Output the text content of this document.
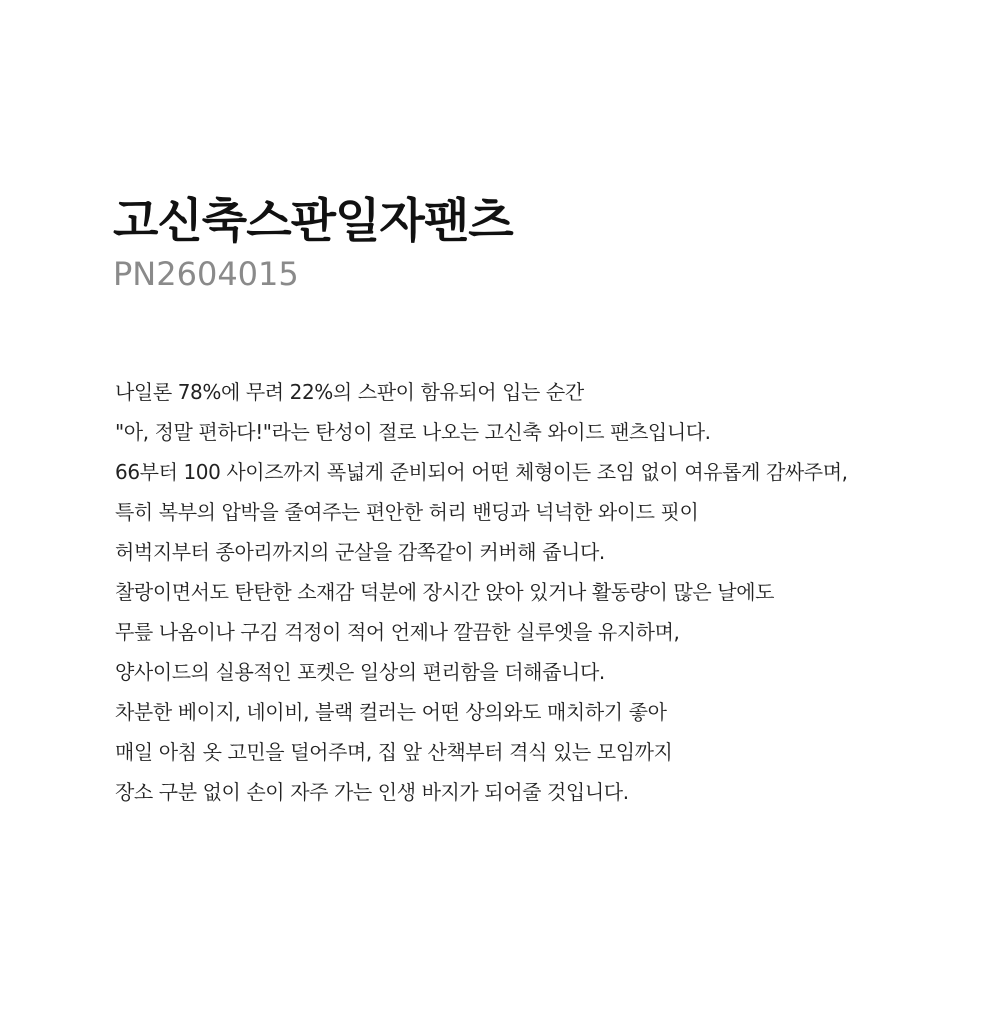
고신축스판일자팬츠

PN2604015

나일론 78%에 무려 22%의 스판이 함유되어 입는 순간

"아, 정말 편하다!"라는 탄성이 절로 나오는 고신축 와이드 팬츠입니다.

66부터 100 사이즈까지 폭넓게 준비되어 어떤 체형이든 조임 없이 여유롭게 감싸주며,

특히 복부의 압박을 줄여주는 편안한 허리 밴딩과 넉넉한 와이드 핏이

허벅지부터 종아리까지의 군살을 감쪽같이 커버해 줍니다.

찰랑이면서도 탄탄한 소재감 덕분에 장시간 앉아 있거나 활동량이 많은 날에도

무릎 나옴이나 구김 걱정이 적어 언제나 깔끔한 실루엣을 유지하며,

양사이드의 실용적인 포켓은 일상의 편리함을 더해줍니다.

차분한 베이지, 네이비, 블랙 컬러는 어떤 상의와도 매치하기 좋아

매일 아침 옷 고민을 덜어주며, 집 앞 산책부터 격식 있는 모임까지

장소 구분 없이 손이 자주 가는 인생 바지가 되어줄 것입니다.
